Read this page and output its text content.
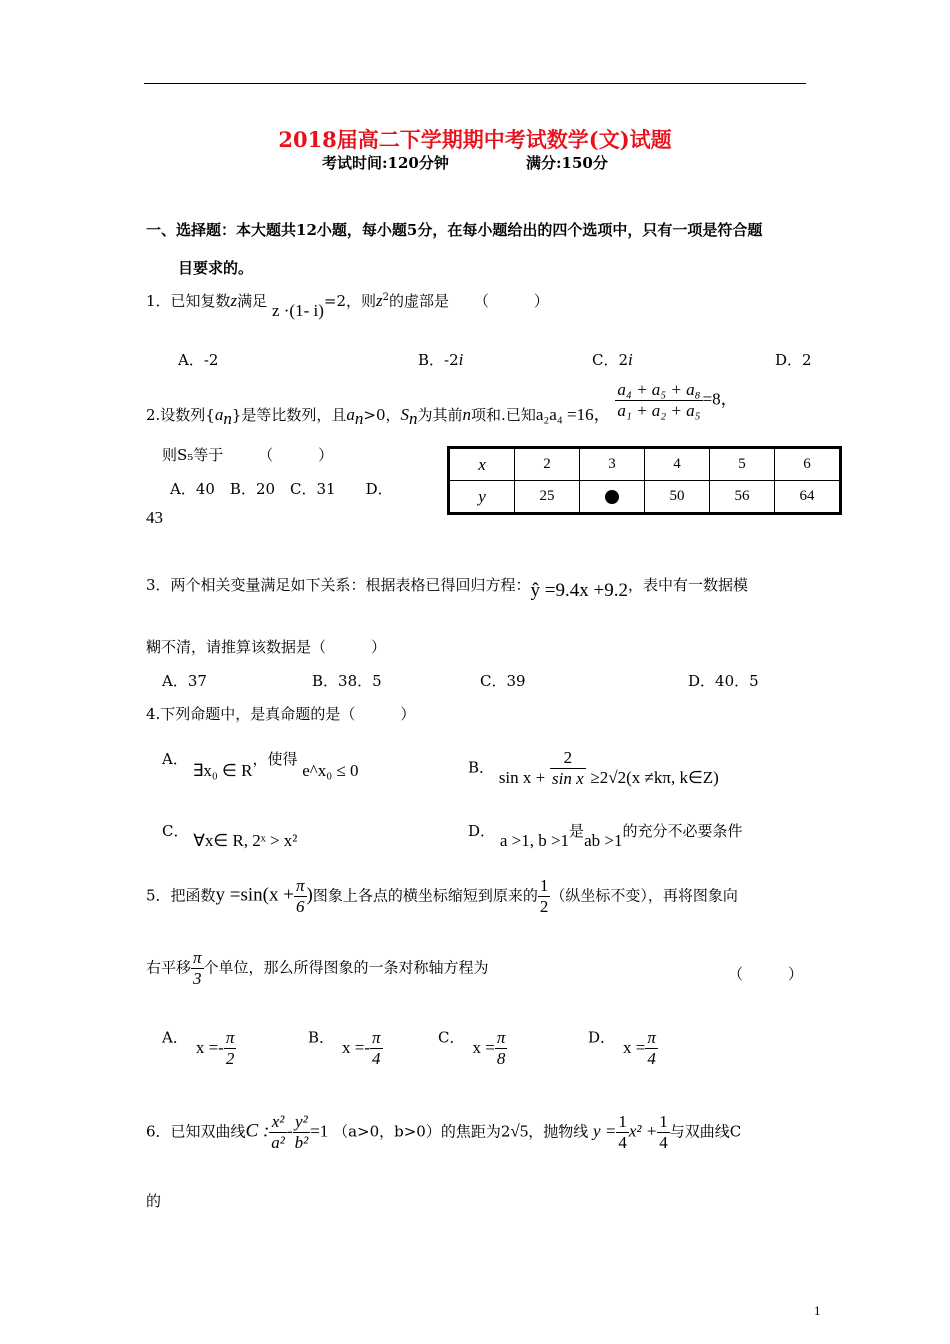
2018届高二下学期期中考试数学(文)试题
考试时间:120分钟	满分:150分
一、选择题：本大题共12小题，每小题5分，在每小题给出的四个选项中，只有一项是符合题
目要求的。
1．已知复数z满足 z ·(1- i)=2，则$z^2$的虚部是 （　　　）
A．-2	B．-2i	C．2i	D．2
2.设数列$\{a_n\}$是等比数列，且$a_n>0$，$S_n$为其前n项和.已知a₂a₄ =16， $\frac{\text{a₄ + a₅ + a₈}}{\text{a₁ + a₂ + a₅}} =8$，
则S₅等于 （　　　）
A．40　B．20　C．31　　D．
43
x	2	3	4	5	6
y	25		50	56	64
3．两个相关变量满足如下关系：根据表格已得回归方程：ŷ =9.4x +9.2，表中有一数据模
糊不清，请推算该数据是（　　　）
A．37	B．38．5	C．39	D．40．5
4.下列命题中，是真命题的是（　　　）
A． ∃x₀ ∈ R，使得 e^x₀ ≤ 0	B． $\sin x + \frac{2}{\text{sin x}} \ge 2√2(x \ne k\pi$, k∈Z)
C． ∀x∈ R, 2ˣ > x²	D． a >1, b >1是ab >1的充分不必要条件
5．把函数$y =\sin(x + \frac{\pi}{6}$ )图象上各点的横坐标缩短到原来的 $\frac{1}{2}$ （纵坐标不变），再将图象向
右平移 $\frac{\pi}{3}$ 个单位，那么所得图象的一条对称轴方程为	（　　　）
A． $x =- \frac{\pi}{2}$	B． $x =- \frac{\pi}{4}$	C． $x = \frac{\pi}{8}$	D． $x = \frac{\pi}{4}$
6．已知双曲线C : $\frac{\text{x²}}{\text{a²}} - \frac{\text{y²}}{\text{b²}} =1$ （a>0，b>0）的焦距为2√5，抛物线 $y = \frac{1}{4} x^2 + \frac{1}{4}$ 与双曲线C
的
1
